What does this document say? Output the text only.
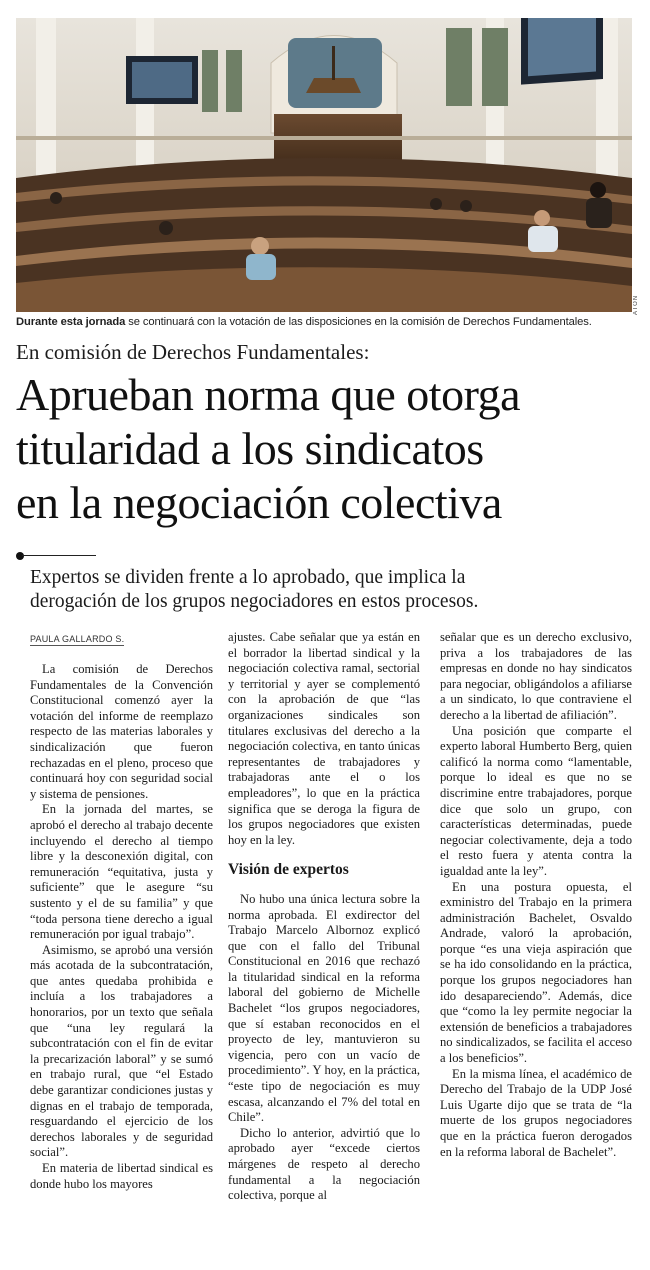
ATON
Durante esta jornada se continuará con la votación de las disposiciones en la comisión de Derechos Fundamentales.
En comisión de Derechos Fundamentales:
Aprueban norma que otorga
titularidad a los sindicatos
en la negociación colectiva
Expertos se dividen frente a lo aprobado, que implica la
derogación de los grupos negociadores en estos procesos.
PAULA GALLARDO S.

La comisión de Derechos Fundamentales de la Convención Constitucional comenzó ayer la votación del informe de reemplazo respecto de las materias laborales y sindicalización que fueron rechazadas en el pleno, proceso que continuará hoy con seguridad social y sistema de pensiones.

En la jornada del martes, se aprobó el derecho al trabajo decente incluyendo el derecho al tiempo libre y la desconexión digital, con remuneración “equitativa, justa y suficiente” que le asegure “su sustento y el de su familia” y que “toda persona tiene derecho a igual remuneración por igual trabajo”.

Asimismo, se aprobó una versión más acotada de la subcontratación, que antes quedaba prohibida e incluía a los trabajadores a honorarios, por un texto que señala que “una ley regulará la subcontratación con el fin de evitar la precarización laboral” y se sumó en trabajo rural, que “el Estado debe garantizar condiciones justas y dignas en el trabajo de temporada, resguardando el ejercicio de los derechos laborales y de seguridad social”.

En materia de libertad sindical es donde hubo los mayores

ajustes. Cabe señalar que ya están en el borrador la libertad sindical y la negociación colectiva ramal, sectorial y territorial y ayer se complementó con la aprobación de que “las organizaciones sindicales son titulares exclusivas del derecho a la negociación colectiva, en tanto únicas representantes de trabajadores y trabajadoras ante el o los empleadores”, lo que en la práctica significa que se deroga la figura de los grupos negociadores que existen hoy en la ley.

Visión de expertos

No hubo una única lectura sobre la norma aprobada. El exdirector del Trabajo Marcelo Albornoz explicó que con el fallo del Tribunal Constitucional en 2016 que rechazó la titularidad sindical en la reforma laboral del gobierno de Michelle Bachelet “los grupos negociadores, que sí estaban reconocidos en el proyecto de ley, mantuvieron su vigencia, pero con un vacío de procedimiento”. Y hoy, en la práctica, “este tipo de negociación es muy escasa, alcanzando el 7% del total en Chile”.

Dicho lo anterior, advirtió que lo aprobado ayer “excede ciertos márgenes de respeto al derecho fundamental a la negociación colectiva, porque al

señalar que es un derecho exclusivo, priva a los trabajadores de las empresas en donde no hay sindicatos para negociar, obligándolos a afiliarse a un sindicato, lo que contraviene el derecho a la libertad de afiliación”.

Una posición que comparte el experto laboral Humberto Berg, quien calificó la norma como “lamentable, porque lo ideal es que no se discrimine entre trabajadores, porque dice que solo un grupo, con características determinadas, puede negociar colectivamente, deja a todo el resto fuera y atenta contra la igualdad ante la ley”.

En una postura opuesta, el exministro del Trabajo en la primera administración Bachelet, Osvaldo Andrade, valoró la aprobación, porque “es una vieja aspiración que se ha ido consolidando en la práctica, porque los grupos negociadores han ido desapareciendo”. Además, dice que “como la ley permite negociar la extensión de beneficios a trabajadores no sindicalizados, se facilita el acceso a los beneficios”.

En la misma línea, el académico de Derecho del Trabajo de la UDP José Luis Ugarte dijo que se trata de “la muerte de los grupos negociadores que en la práctica fueron derogados en la reforma laboral de Bachelet”.
